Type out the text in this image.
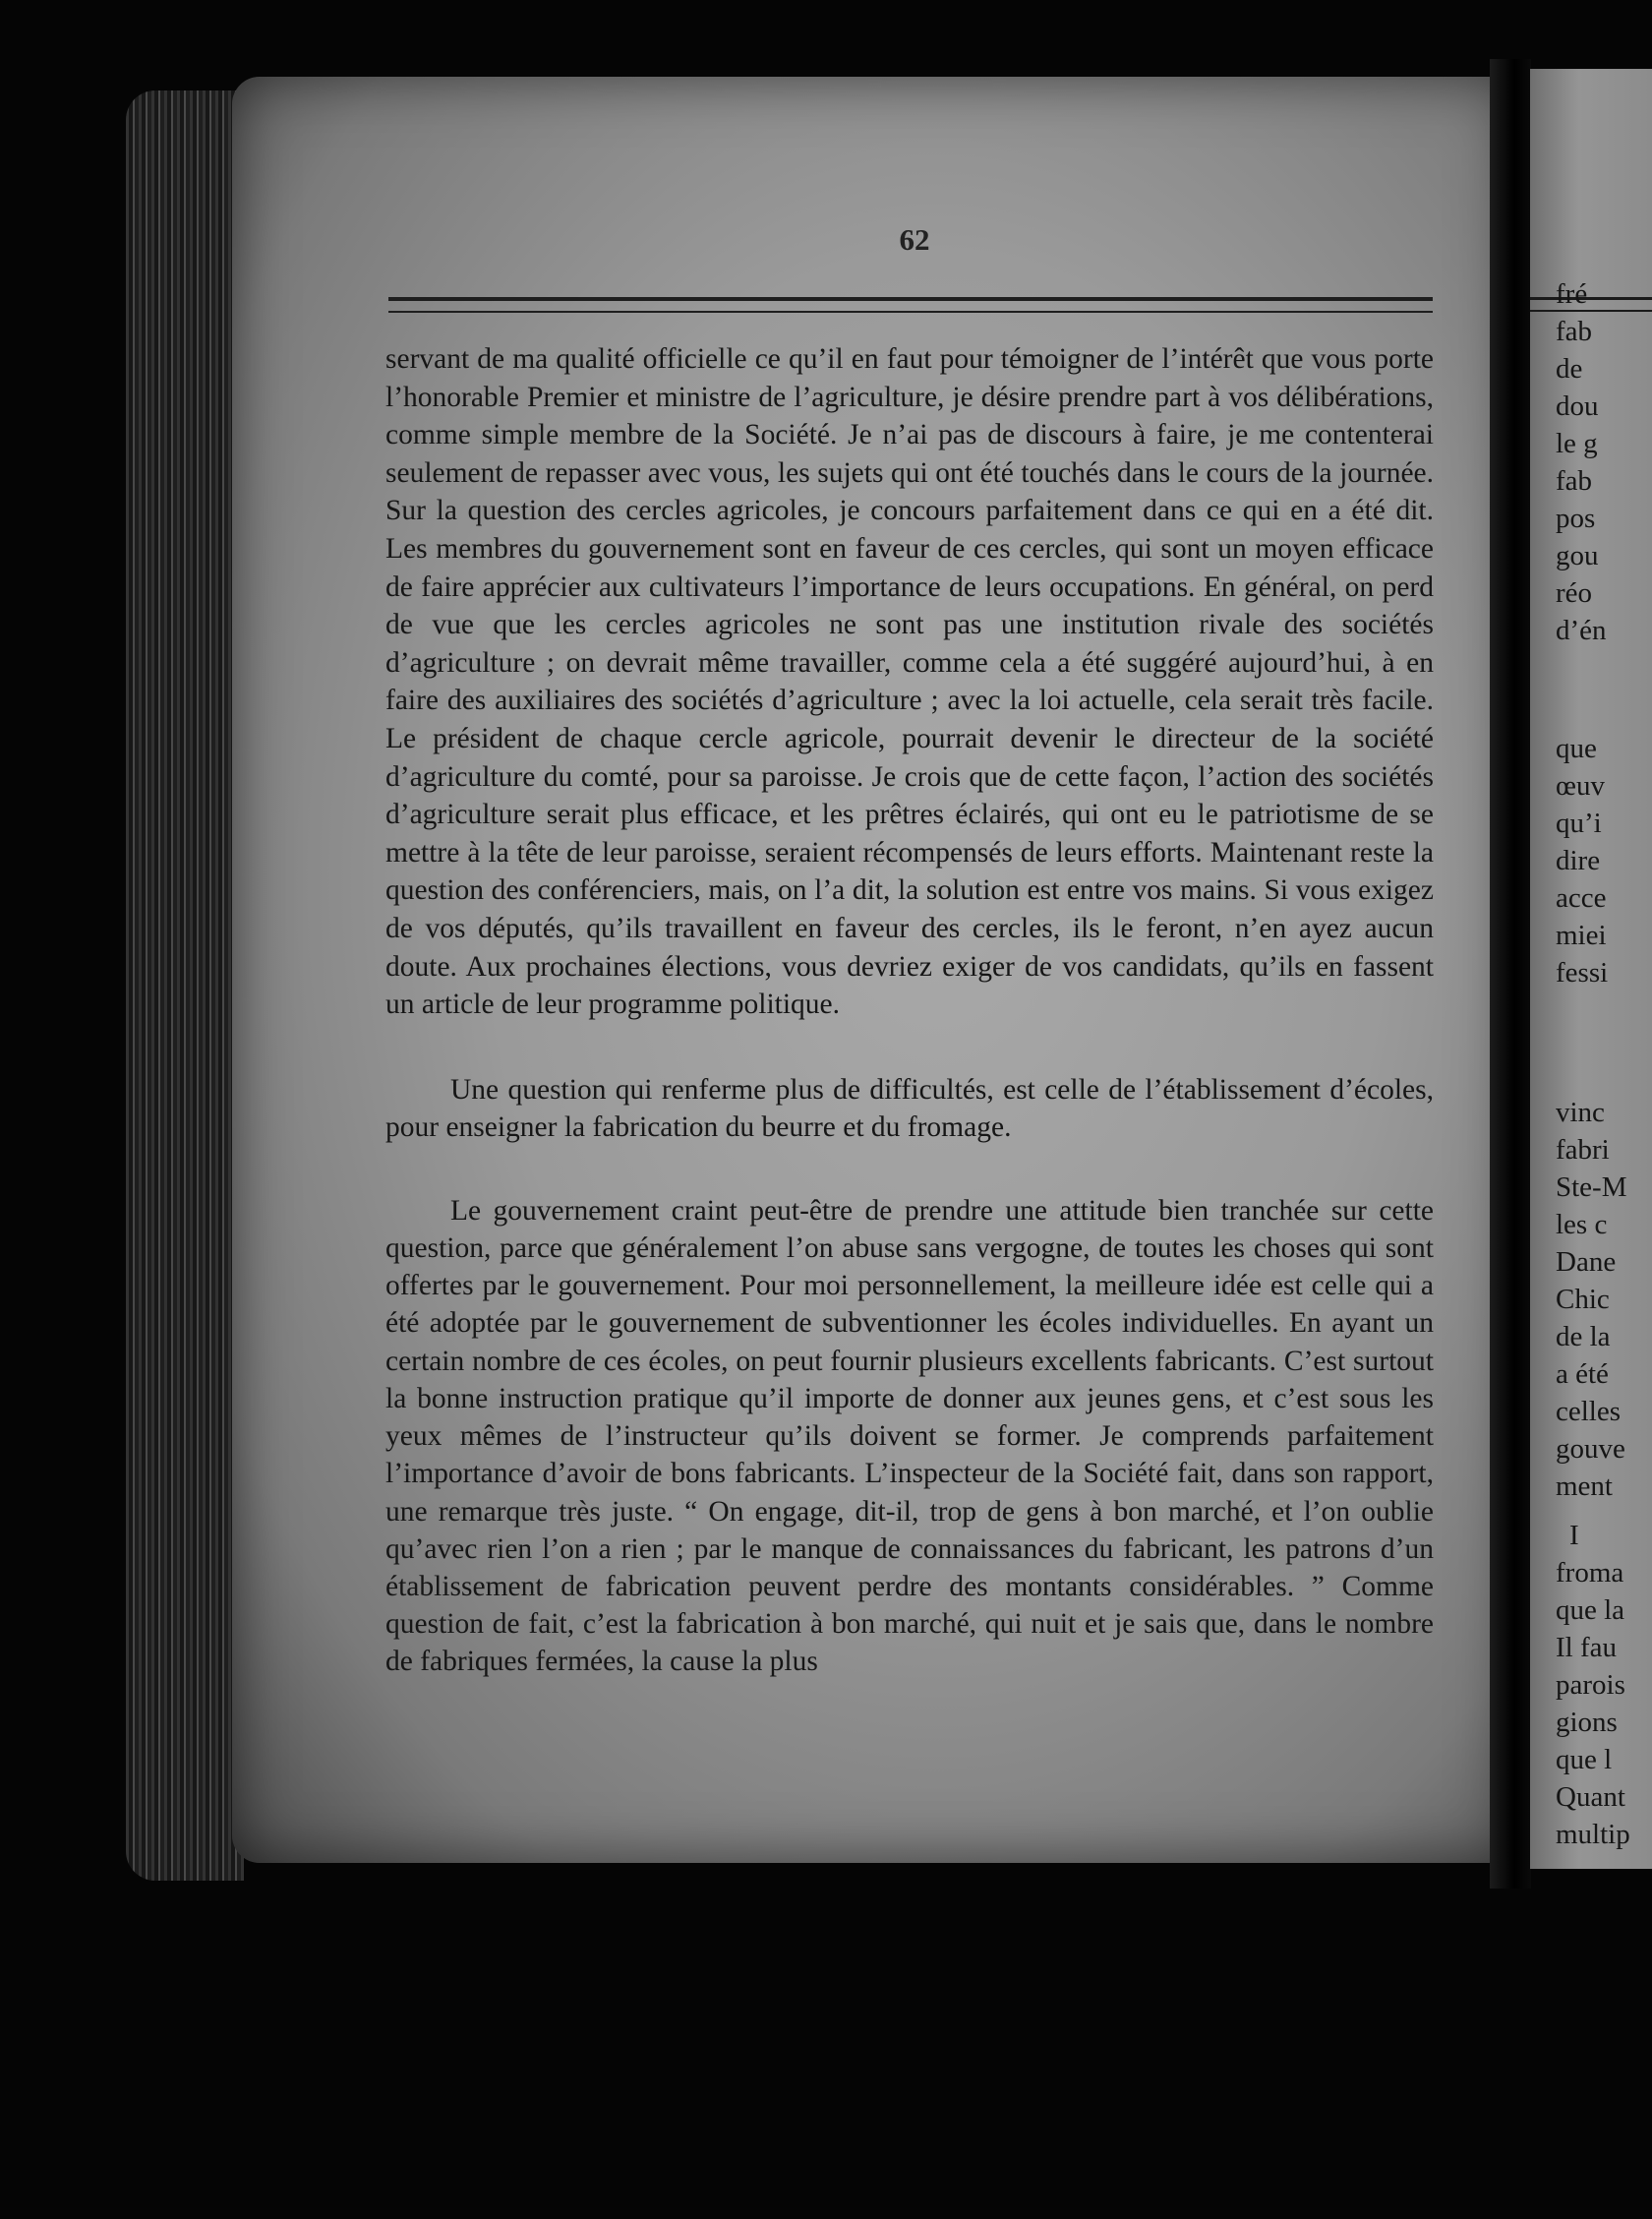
fré
fab
de
dou
le g
fab
pos
gou
réo
d’én
que
œuv
qu’i
dire
acce
miei
fessi
vinc
fabri
Ste-M
les c
Dane
Chic
de la
a été
celles
gouve
ment
I
froma
que la
Il fau
parois
gions
que l
Quant
multip
62

servant de ma qualité officielle ce qu’il en faut pour témoigner de l’intérêt que vous porte l’honorable Premier et ministre de l’agriculture, je désire prendre part à vos délibérations, comme simple membre de la Société. Je n’ai pas de discours à faire, je me contenterai seulement de repasser avec vous, les sujets qui ont été touchés dans le cours de la journée. Sur la question des cercles agricoles, je concours parfaitement dans ce qui en a été dit. Les membres du gouvernement sont en faveur de ces cercles, qui sont un moyen efficace de faire apprécier aux cultivateurs l’importance de leurs occupations. En général, on perd de vue que les cercles agricoles ne sont pas une institution rivale des sociétés d’agriculture ; on devrait même travailler, comme cela a été suggéré aujourd’hui, à en faire des auxiliaires des sociétés d’agriculture ; avec la loi actuelle, cela serait très facile. Le président de chaque cercle agricole, pourrait devenir le directeur de la société d’agriculture du comté, pour sa paroisse. Je crois que de cette façon, l’action des sociétés d’agriculture serait plus efficace, et les prêtres éclairés, qui ont eu le patriotisme de se mettre à la tête de leur paroisse, seraient récompensés de leurs efforts. Maintenant reste la question des conférenciers, mais, on l’a dit, la solution est entre vos mains. Si vous exigez de vos députés, qu’ils travaillent en faveur des cercles, ils le feront, n’en ayez aucun doute. Aux prochaines élections, vous devriez exiger de vos candidats, qu’ils en fassent un article de leur programme politique.

Une question qui renferme plus de difficultés, est celle de l’établissement d’écoles, pour enseigner la fabrication du beurre et du fromage.

Le gouvernement craint peut-être de prendre une attitude bien tranchée sur cette question, parce que généralement l’on abuse sans vergogne, de toutes les choses qui sont offertes par le gouvernement. Pour moi personnellement, la meilleure idée est celle qui a été adoptée par le gouvernement de subventionner les écoles individuelles. En ayant un certain nombre de ces écoles, on peut fournir plusieurs excellents fabricants. C’est surtout la bonne instruction pratique qu’il importe de donner aux jeunes gens, et c’est sous les yeux mêmes de l’instructeur qu’ils doivent se former. Je comprends parfaitement l’importance d’avoir de bons fabricants. L’inspecteur de la Société fait, dans son rapport, une remarque très juste. “ On engage, dit-il, trop de gens à bon marché, et l’on oublie qu’avec rien l’on a rien ; par le manque de connaissances du fabricant, les patrons d’un établissement de fabrication peuvent perdre des montants considérables. ” Comme question de fait, c’est la fabrication à bon marché, qui nuit et je sais que, dans le nombre de fabriques fermées, la cause la plus
